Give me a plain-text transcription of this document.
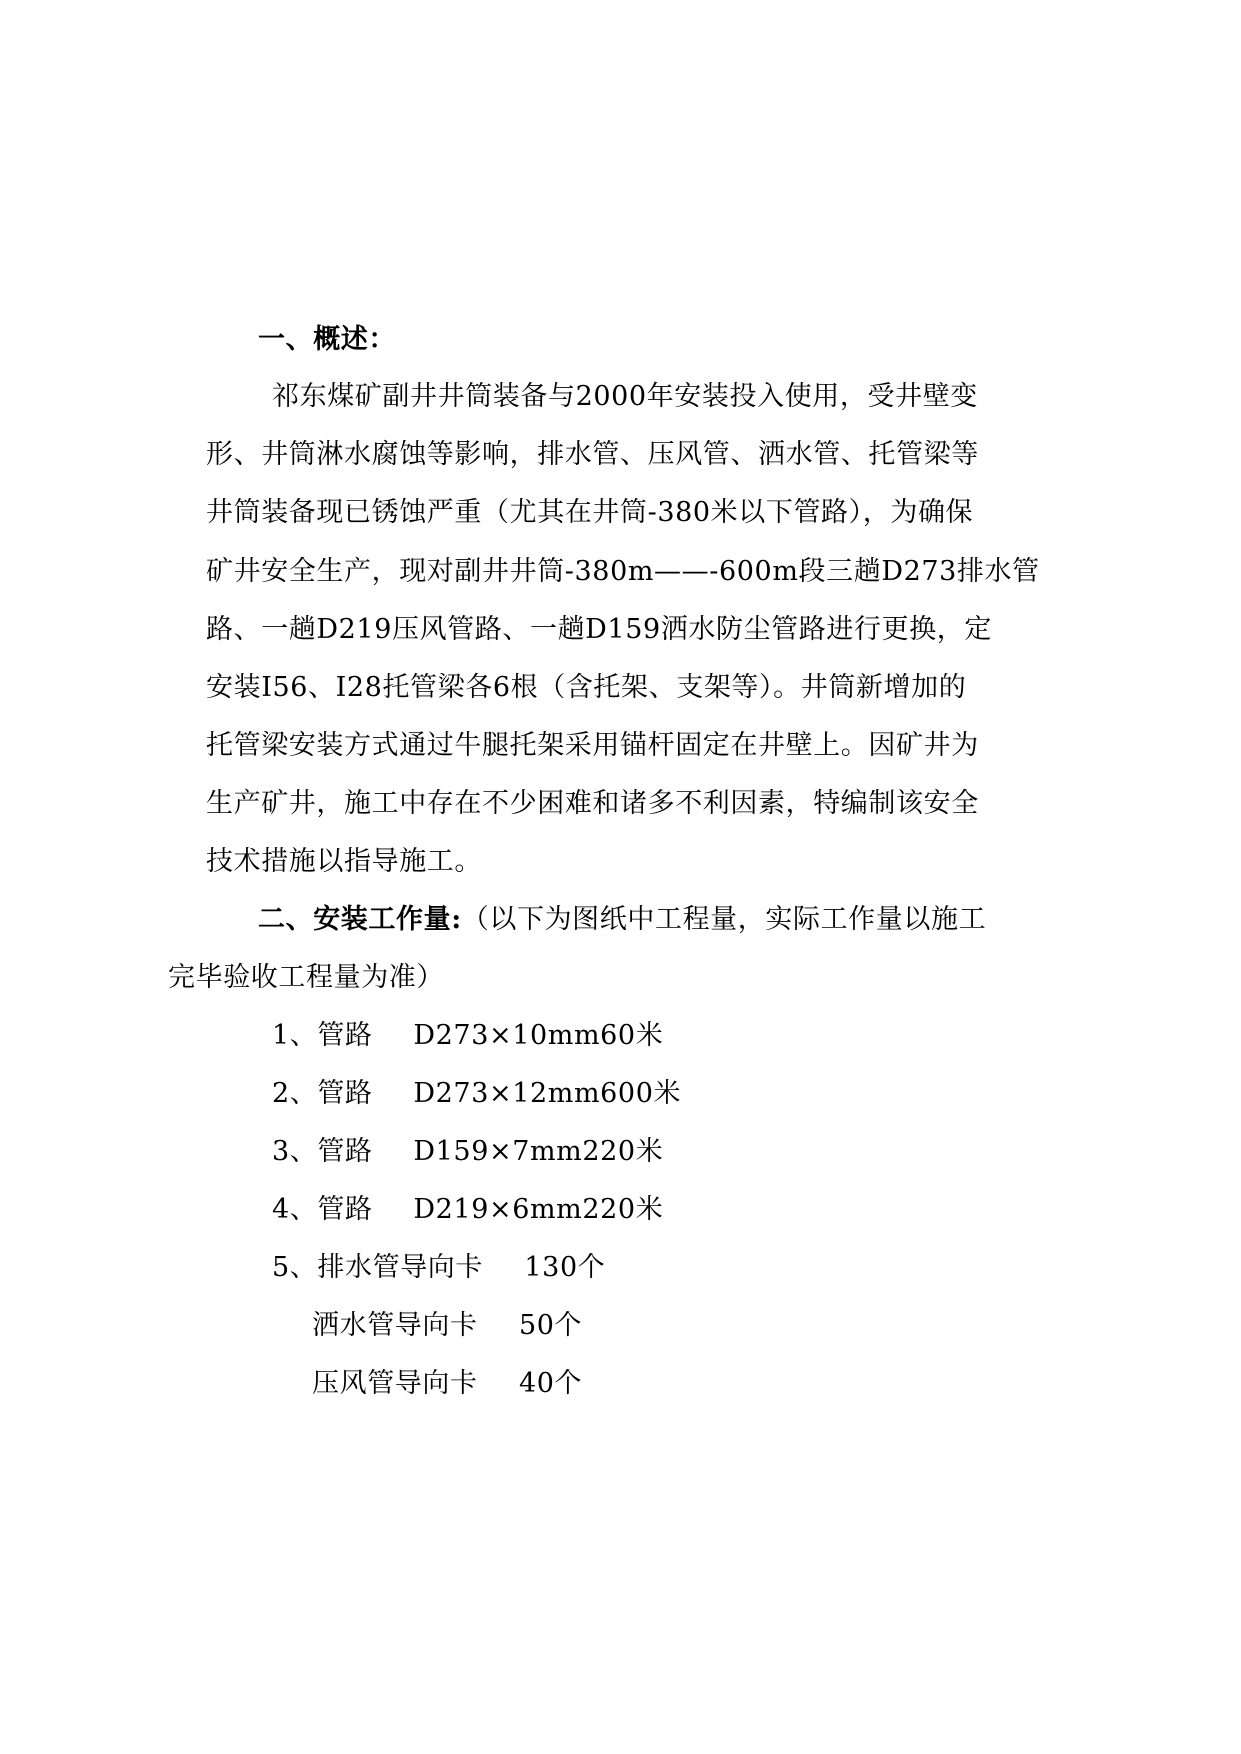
一、概述：
祁东煤矿副井井筒装备与2000年安装投入使用，受井壁变
形、井筒淋水腐蚀等影响，排水管、压风管、洒水管、托管梁等
井筒装备现已锈蚀严重（尤其在井筒-380米以下管路），为确保
矿井安全生产，现对副井井筒-380m——-600m段三趟D273排水管
路、一趟D219压风管路、一趟D159洒水防尘管路进行更换，定
安装I56、I28托管梁各6根（含托架、支架等）。井筒新增加的
托管梁安装方式通过牛腿托架采用锚杆固定在井壁上。因矿井为
生产矿井，施工中存在不少困难和诸多不利因素，特编制该安全
技术措施以指导施工。
二、安装工作量:（以下为图纸中工程量，实际工作量以施工
完毕验收工程量为准）
1、管路 D273×10mm60米
2、管路 D273×12mm600米
3、管路 D159×7mm220米
4、管路 D219×6mm220米
5、排水管导向卡 130个
洒水管导向卡 50个
压风管导向卡 40个
